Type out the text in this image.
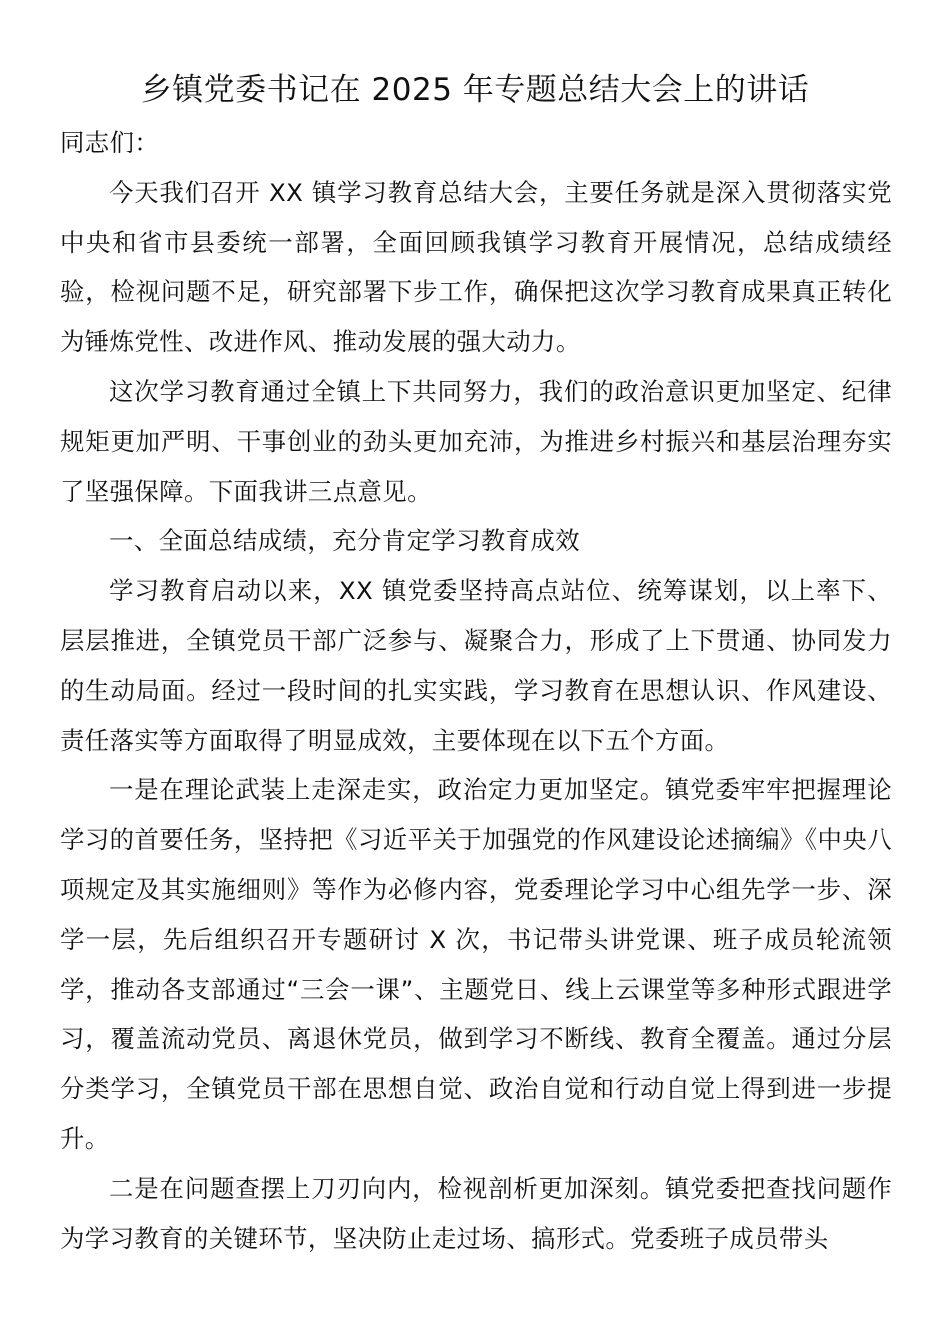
乡镇党委书记在 2025 年专题总结大会上的讲话

同志们：

今天我们召开 XX 镇学习教育总结大会，主要任务就是深入贯彻落实党中央和省市县委统一部署，全面回顾我镇学习教育开展情况，总结成绩经验，检视问题不足，研究部署下步工作，确保把这次学习教育成果真正转化为锤炼党性、改进作风、推动发展的强大动力。

这次学习教育通过全镇上下共同努力，我们的政治意识更加坚定、纪律规矩更加严明、干事创业的劲头更加充沛，为推进乡村振兴和基层治理夯实了坚强保障。下面我讲三点意见。

一、全面总结成绩，充分肯定学习教育成效

学习教育启动以来，XX 镇党委坚持高点站位、统筹谋划，以上率下、层层推进，全镇党员干部广泛参与、凝聚合力，形成了上下贯通、协同发力的生动局面。经过一段时间的扎实实践，学习教育在思想认识、作风建设、责任落实等方面取得了明显成效，主要体现在以下五个方面。

一是在理论武装上走深走实，政治定力更加坚定。镇党委牢牢把握理论学习的首要任务，坚持把《习近平关于加强党的作风建设论述摘编》《中央八项规定及其实施细则》等作为必修内容，党委理论学习中心组先学一步、深学一层，先后组织召开专题研讨 X 次，书记带头讲党课、班子成员轮流领学，推动各支部通过“三会一课”、主题党日、线上云课堂等多种形式跟进学习，覆盖流动党员、离退休党员，做到学习不断线、教育全覆盖。通过分层分类学习，全镇党员干部在思想自觉、政治自觉和行动自觉上得到进一步提升。

二是在问题查摆上刀刃向内，检视剖析更加深刻。镇党委把查找问题作为学习教育的关键环节，坚决防止走过场、搞形式。党委班子成员带头
